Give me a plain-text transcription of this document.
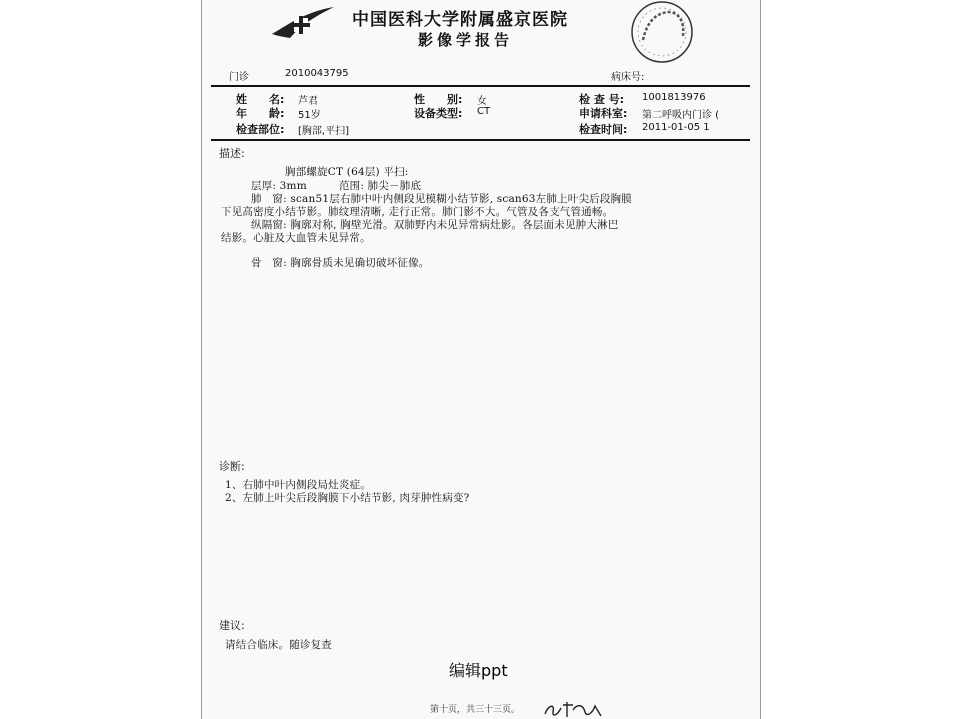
中国医科大学附属盛京医院
影像学报告
门诊	2010043795	病床号:
姓　　名: 芦君	性　　别: 女	检 查 号: 1001813976
年　　龄: 51岁	设备类型: CT	申请科室: 第二呼吸内门诊 (
检查部位: [胸部,平扫]	检查时间: 2011-01-05 1
描述:
胸部螺旋CT (64层) 平扫:
层厚: 3mm　　　范围: 肺尖－肺底
肺　窗: scan51层右肺中叶内侧段见模糊小结节影, scan63左肺上叶尖后段胸膜
下见高密度小结节影。肺纹理清晰, 走行正常。肺门影不大。气管及各支气管通畅。
纵隔窗: 胸廓对称, 胸壁光滑。双肺野内未见异常病灶影。各层面未见肿大淋巴
结影。心脏及大血管未见异常。
骨　窗: 胸廓骨质未见确切破坏征像。
诊断:
1、右肺中叶内侧段局灶炎症。
2、左肺上叶尖后段胸膜下小结节影, 肉芽肿性病变?
建议:
请结合临床。随诊复查
编辑ppt
第十页，共三十三页。
